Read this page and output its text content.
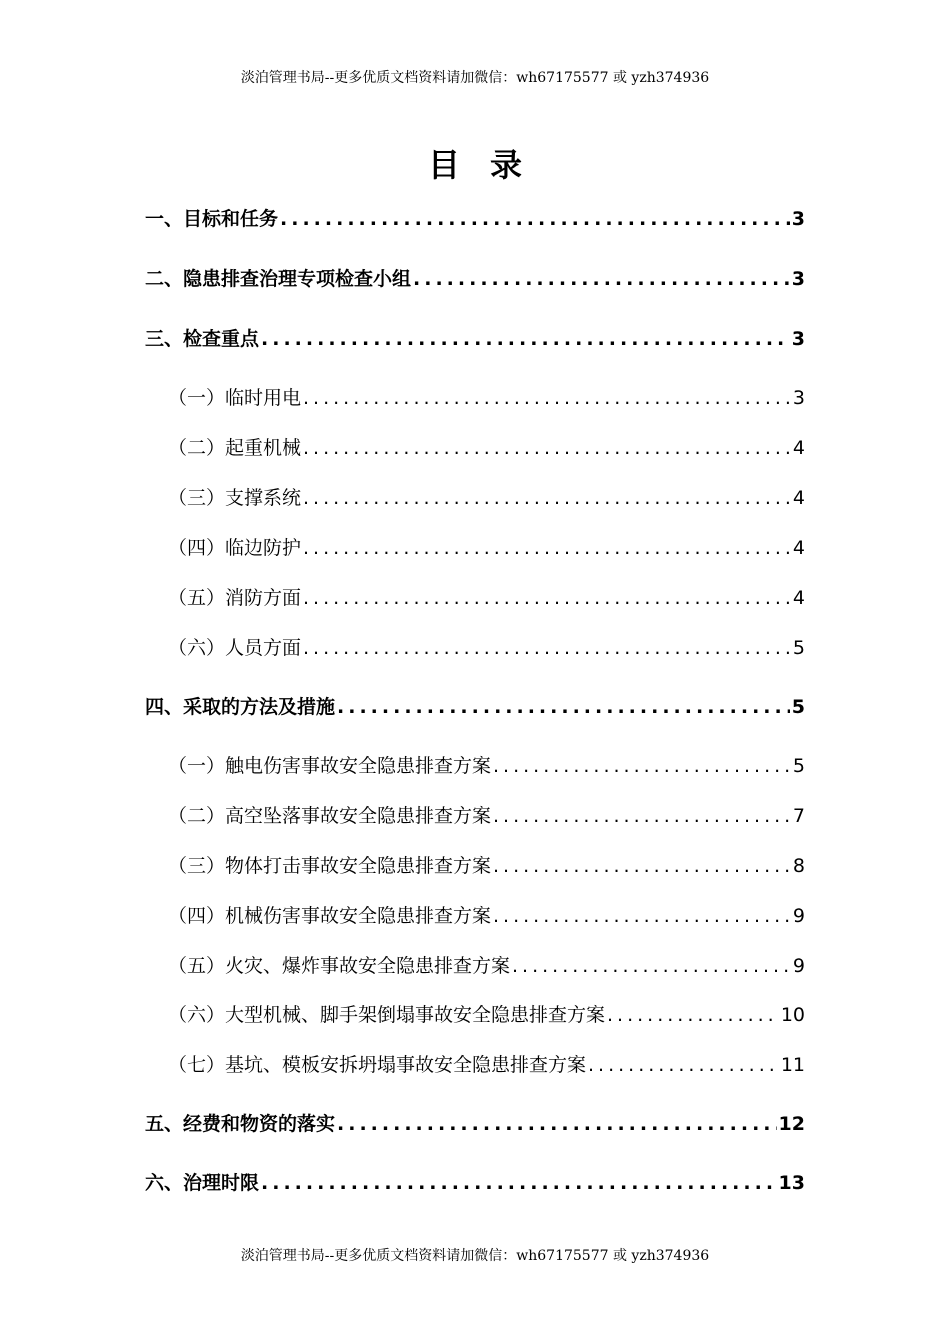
淡泊管理书局--更多优质文档资料请加微信：wh67175577 或 yzh374936
目录
一、目标和任务 .....	3
二、隐患排查治理专项检查小组 .....	3
三、检查重点 .....	3
（一）临时用电 .....	3
（二）起重机械 .....	4
（三）支撑系统 .....	4
（四）临边防护 .....	4
（五）消防方面 .....	4
（六）人员方面 .....	5
四、采取的方法及措施 .....	5
（一）触电伤害事故安全隐患排查方案 .....	5
（二）高空坠落事故安全隐患排查方案 .....	7
（三）物体打击事故安全隐患排查方案 .....	8
（四）机械伤害事故安全隐患排查方案 .....	9
（五）火灾、爆炸事故安全隐患排查方案 .....	9
（六）大型机械、脚手架倒塌事故安全隐患排查方案 .....	10
（七）基坑、模板安拆坍塌事故安全隐患排查方案 .....	11
五、经费和物资的落实 .....	12
六、治理时限 .....	13
淡泊管理书局--更多优质文档资料请加微信：wh67175577 或 yzh374936
